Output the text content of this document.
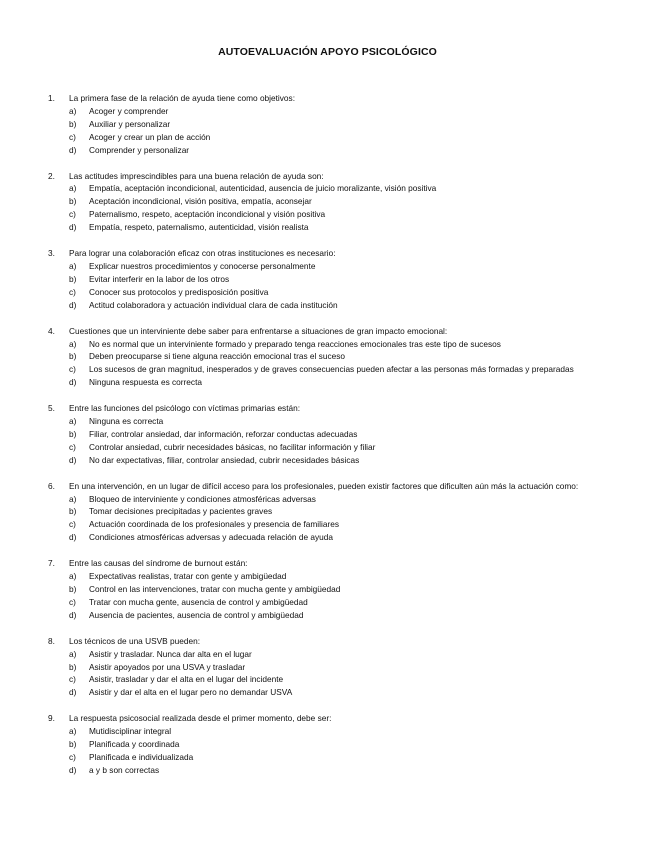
AUTOEVALUACIÓN APOYO PSICOLÓGICO
1.	La primera fase de la relación de ayuda tiene como objetivos:
a)	Acoger y comprender
b)	Auxiliar y personalizar
c)	Acoger y crear un plan de acción
d)	Comprender y personalizar
2.	Las actitudes imprescindibles para una buena relación de ayuda son:
a)	Empatía, aceptación incondicional, autenticidad, ausencia de juicio moralizante, visión positiva
b)	Aceptación incondicional, visión positiva, empatía, aconsejar
c)	Paternalismo, respeto, aceptación incondicional y visión positiva
d)	Empatía, respeto, paternalismo, autenticidad, visión realista
3.	Para lograr una colaboración eficaz con otras instituciones es necesario:
a)	Explicar nuestros procedimientos y conocerse personalmente
b)	Evitar interferir en la labor de los otros
c)	Conocer sus protocolos y predisposición positiva
d)	Actitud colaboradora y actuación individual clara de cada institución
4.	Cuestiones que un interviniente debe saber para enfrentarse a situaciones de gran impacto emocional:
a)	No es normal que un interviniente formado y preparado tenga reacciones emocionales tras este tipo de sucesos
b)	Deben preocuparse si tiene alguna reacción emocional tras el suceso
c)	Los sucesos de gran magnitud, inesperados y de graves consecuencias pueden afectar a las personas más formadas y preparadas
d)	Ninguna respuesta es correcta
5.	Entre las funciones del psicólogo con víctimas primarias están:
a)	Ninguna es correcta
b)	Filiar, controlar ansiedad, dar información, reforzar conductas adecuadas
c)	Controlar ansiedad, cubrir necesidades básicas, no facilitar información y filiar
d)	No dar expectativas, filiar, controlar ansiedad, cubrir necesidades básicas
6.	En una intervención, en un lugar de difícil acceso para los profesionales, pueden existir factores que dificulten aún más la actuación como:
a)	Bloqueo de interviniente y condiciones atmosféricas adversas
b)	Tomar decisiones precipitadas y pacientes graves
c)	Actuación coordinada de los profesionales y presencia de familiares
d)	Condiciones atmosféricas adversas y adecuada relación de ayuda
7.	Entre las causas del síndrome de burnout están:
a)	Expectativas realistas, tratar con gente y ambigüedad
b)	Control en las intervenciones, tratar con mucha gente y ambigüedad
c)	Tratar con mucha gente, ausencia de control y ambigüedad
d)	Ausencia de pacientes, ausencia de control y ambigüedad
8.	Los técnicos de una USVB pueden:
a)	Asistir y trasladar. Nunca dar alta en el lugar
b)	Asistir apoyados por una USVA y trasladar
c)	Asistir, trasladar y dar el alta en el lugar del incidente
d)	Asistir y dar el alta en el lugar pero no demandar USVA
9.	La respuesta psicosocial realizada desde el primer momento, debe ser:
a)	Mutidisciplinar integral
b)	Planificada y coordinada
c)	Planificada e individualizada
d)	a y b son correctas
